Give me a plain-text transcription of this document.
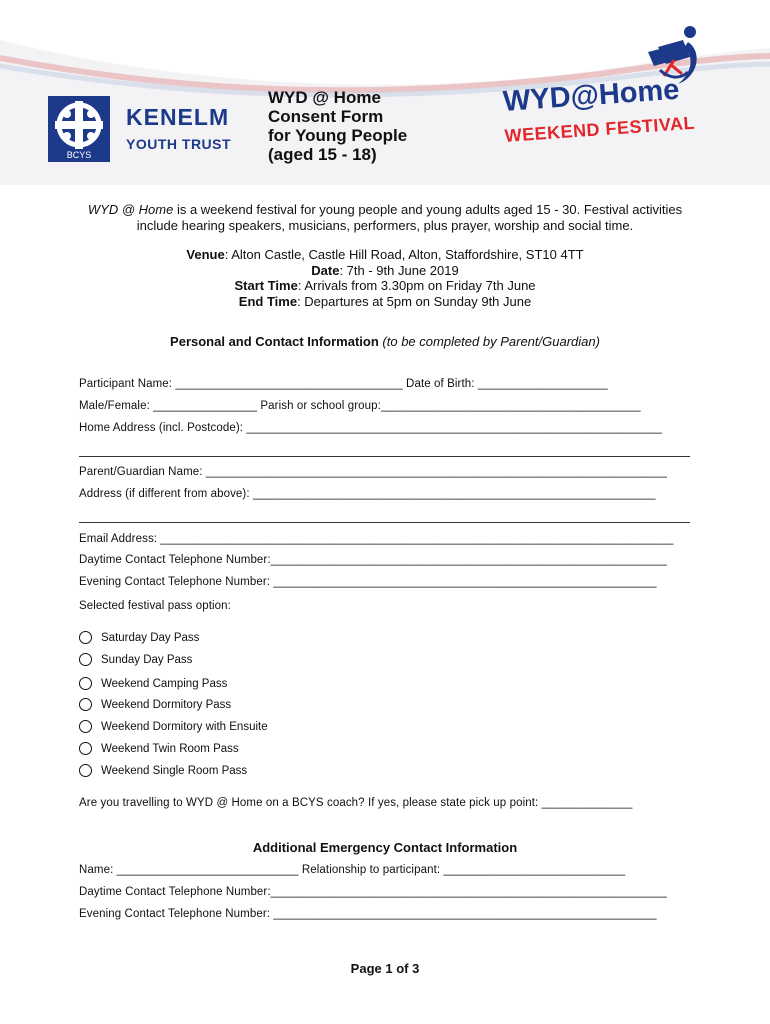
BCYS
KENELM
YOUTH TRUST
WYD @ Home
Consent Form
for Young People
(aged 15 - 18)
WYD@Home
WEEKEND FESTIVAL
WYD @ Home is a weekend festival for young people and young adults aged 15 - 30. Festival activities include hearing speakers, musicians, performers, plus prayer, worship and social time.
Venue: Alton Castle, Castle Hill Road, Alton, Staffordshire, ST10 4TT
Date: 7th - 9th June 2019
Start Time: Arrivals from 3.30pm on Friday 7th June
End Time: Departures at 5pm on Sunday 9th June
Personal and Contact Information (to be completed by Parent/Guardian)
Participant Name: ___________________________________ Date of Birth: ____________________
Male/Female: ________________ Parish or school group:________________________________________
Home Address (incl. Postcode): ________________________________________________________________
Parent/Guardian Name: _______________________________________________________________________
Address (if different from above): ______________________________________________________________
Email Address: _______________________________________________________________________________
Daytime Contact Telephone Number:_____________________________________________________________
Evening Contact Telephone Number: ___________________________________________________________
Selected festival pass option:
Saturday Day Pass
Sunday Day Pass
Weekend Camping Pass
Weekend Dormitory Pass
Weekend Dormitory with Ensuite
Weekend Twin Room Pass
Weekend Single Room Pass
Are you travelling to WYD @ Home on a BCYS coach? If yes, please state pick up point: ______________
Additional Emergency Contact Information
Name: ____________________________ Relationship to participant: ____________________________
Daytime Contact Telephone Number:_____________________________________________________________
Evening Contact Telephone Number: ___________________________________________________________
Page 1 of 3
